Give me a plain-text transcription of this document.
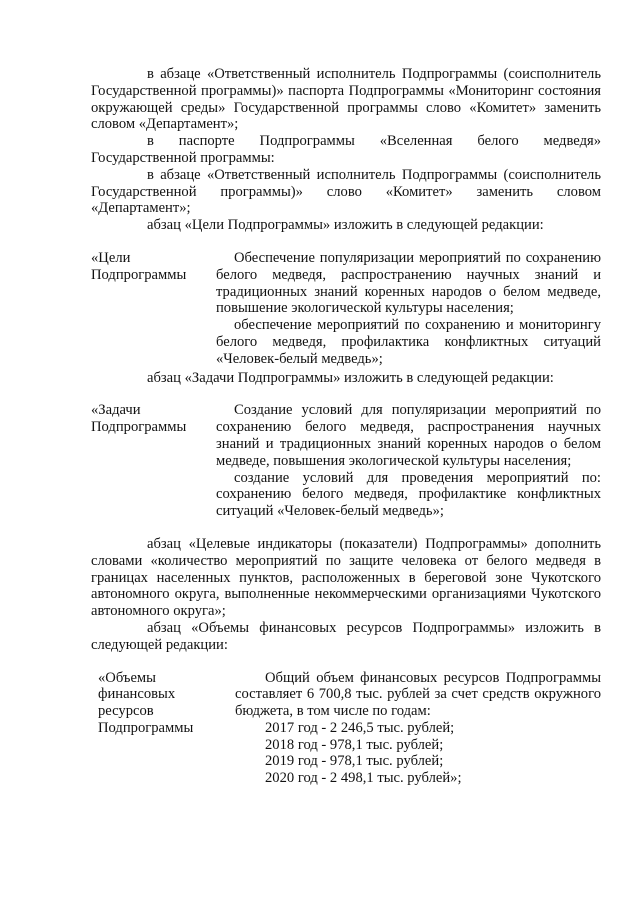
в абзаце «Ответственный исполнитель Подпрограммы (соисполнитель Государственной программы)» паспорта Подпрограммы «Мониторинг состояния окружающей среды» Государственной программы слово «Комитет» заменить словом «Департамент»;

в паспорте Подпрограммы «Вселенная белого медведя» Государственной программы:

в абзаце «Ответственный исполнитель Подпрограммы (соисполнитель Государственной программы)» слово «Комитет» заменить словом «Департамент»;

абзац «Цели Подпрограммы» изложить в следующей редакции:

«Цели
Подпрограммы

Обеспечение популяризации мероприятий по сохранению белого медведя, распространению научных знаний и традиционных знаний коренных народов о белом медведе, повышение экологической культуры населения;

обеспечение мероприятий по сохранению и мониторингу белого медведя, профилактика конфликтных ситуаций «Человек-белый медведь»;

абзац «Задачи Подпрограммы» изложить в следующей редакции:

«Задачи
Подпрограммы

Создание условий для популяризации мероприятий по сохранению белого медведя, распространения научных знаний и традиционных знаний коренных народов о белом медведе, повышения экологической культуры населения;

создание условий для проведения мероприятий по: сохранению белого медведя, профилактике конфликтных ситуаций «Человек-белый медведь»;

абзац «Целевые индикаторы (показатели) Подпрограммы» дополнить словами «количество мероприятий по защите человека от белого медведя в границах населенных пунктов, расположенных в береговой зоне Чукотского автономного округа, выполненные некоммерческими организациями Чукотского автономного округа»;

абзац «Объемы финансовых ресурсов Подпрограммы» изложить в следующей редакции:

«Объемы
финансовых
ресурсов
Подпрограммы

Общий объем финансовых ресурсов Подпрограммы составляет 6 700,8 тыс. рублей за счет средств окружного бюджета, в том числе по годам:

2017 год - 2 246,5 тыс. рублей;
2018 год - 978,1 тыс. рублей;
2019 год - 978,1 тыс. рублей;
2020 год - 2 498,1 тыс. рублей»;
